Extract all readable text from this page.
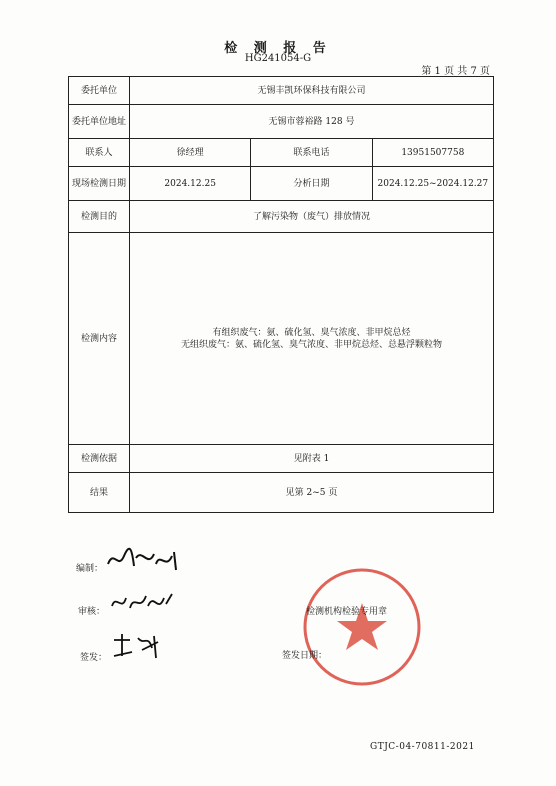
检 测 报 告
HG241054-G
第 1 页 共 7 页
委托单位	无锡丰凯环保科技有限公司		
委托单位地址	无锡市蓉裕路 128 号		
联系人	徐经理	联系电话	13951507758
现场检测日期	2024.12.25	分析日期	2024.12.25~2024.12.27
检测目的	了解污染物（废气）排放情况		
检测内容	有组织废气：氨、硫化氢、臭气浓度、非甲烷总烃
无组织废气：氨、硫化氢、臭气浓度、非甲烷总烃、总悬浮颗粒物		

检测依据	见附表 1		
结果	见第 2~5 页		
编制：
审核：
签发：
检测机构检验专用章
签发日期：
GTJC-04-70811-2021
